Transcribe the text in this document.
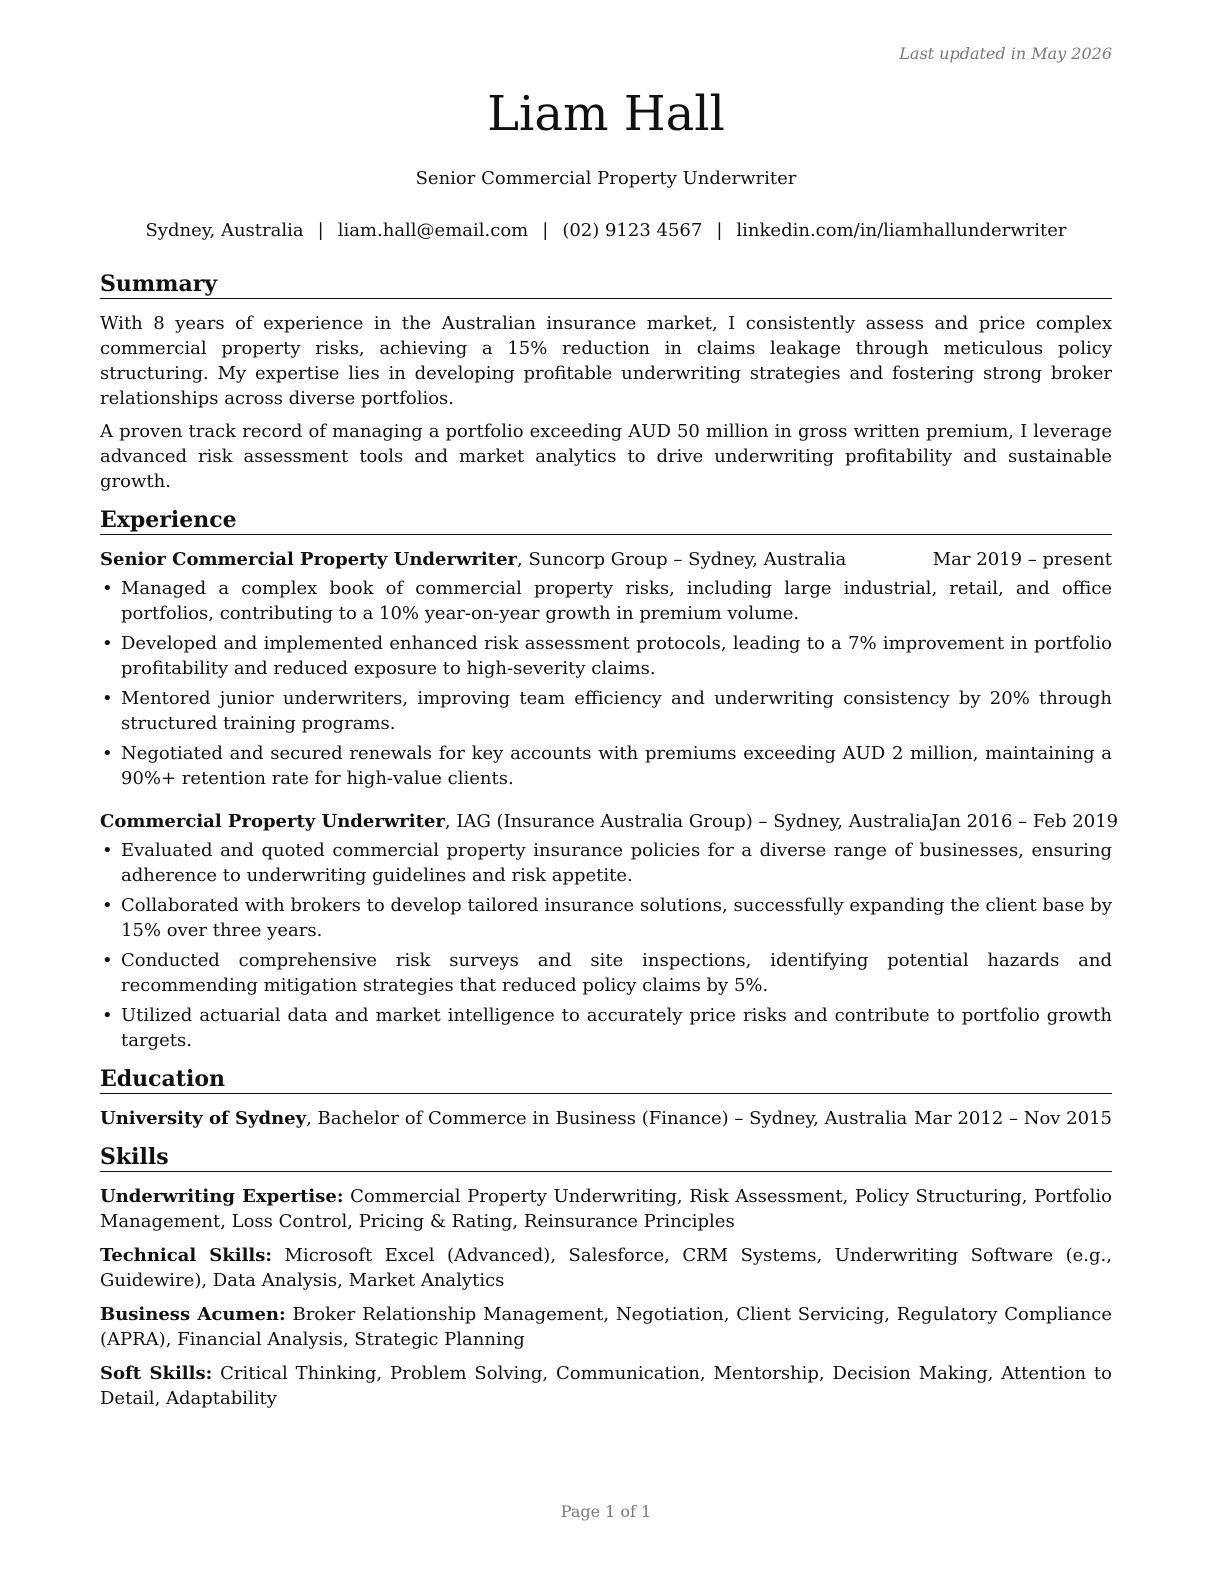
Last updated in May 2026
Liam Hall
Senior Commercial Property Underwriter
Sydney, Australia | liam.hall@email.com | (02) 9123 4567 | linkedin.com/in/liamhallunderwriter
Summary

With 8 years of experience in the Australian insurance market, I consistently assess and price complex commercial property risks, achieving a 15% reduction in claims leakage through meticulous policy structuring. My expertise lies in developing profitable underwriting strategies and fostering strong broker relationships across diverse portfolios.

A proven track record of managing a portfolio exceeding AUD 50 million in gross written premium, I leverage advanced risk assessment tools and market analytics to drive underwriting profitability and sustainable growth.

Experience
Senior Commercial Property Underwriter, Suncorp Group – Sydney, Australia	Mar 2019 – present
• Managed a complex book of commercial property risks, including large industrial, retail, and office portfolios, contributing to a 10% year-on-year growth in premium volume.
• Developed and implemented enhanced risk assessment protocols, leading to a 7% improvement in portfolio profitability and reduced exposure to high-severity claims.
• Mentored junior underwriters, improving team efficiency and underwriting consistency by 20% through structured training programs.
• Negotiated and secured renewals for key accounts with premiums exceeding AUD 2 million, maintaining a 90%+ retention rate for high-value clients.
Commercial Property Underwriter, IAG (Insurance Australia Group) – Sydney, Australia Jan 2016 – Feb 2019
• Evaluated and quoted commercial property insurance policies for a diverse range of businesses, ensuring adherence to underwriting guidelines and risk appetite.
• Collaborated with brokers to develop tailored insurance solutions, successfully expanding the client base by 15% over three years.
• Conducted comprehensive risk surveys and site inspections, identifying potential hazards and recommending mitigation strategies that reduced policy claims by 5%.
• Utilized actuarial data and market intelligence to accurately price risks and contribute to portfolio growth targets.
Education
University of Sydney, Bachelor of Commerce in Business (Finance) – Sydney, Australia Mar 2012 – Nov 2015
Skills

Underwriting Expertise: Commercial Property Underwriting, Risk Assessment, Policy Structuring, Portfolio Management, Loss Control, Pricing & Rating, Reinsurance Principles

Technical Skills: Microsoft Excel (Advanced), Salesforce, CRM Systems, Underwriting Software (e.g., Guidewire), Data Analysis, Market Analytics

Business Acumen: Broker Relationship Management, Negotiation, Client Servicing, Regulatory Compliance (APRA), Financial Analysis, Strategic Planning

Soft Skills: Critical Thinking, Problem Solving, Communication, Mentorship, Decision Making, Attention to Detail, Adaptability

Page 1 of 1
